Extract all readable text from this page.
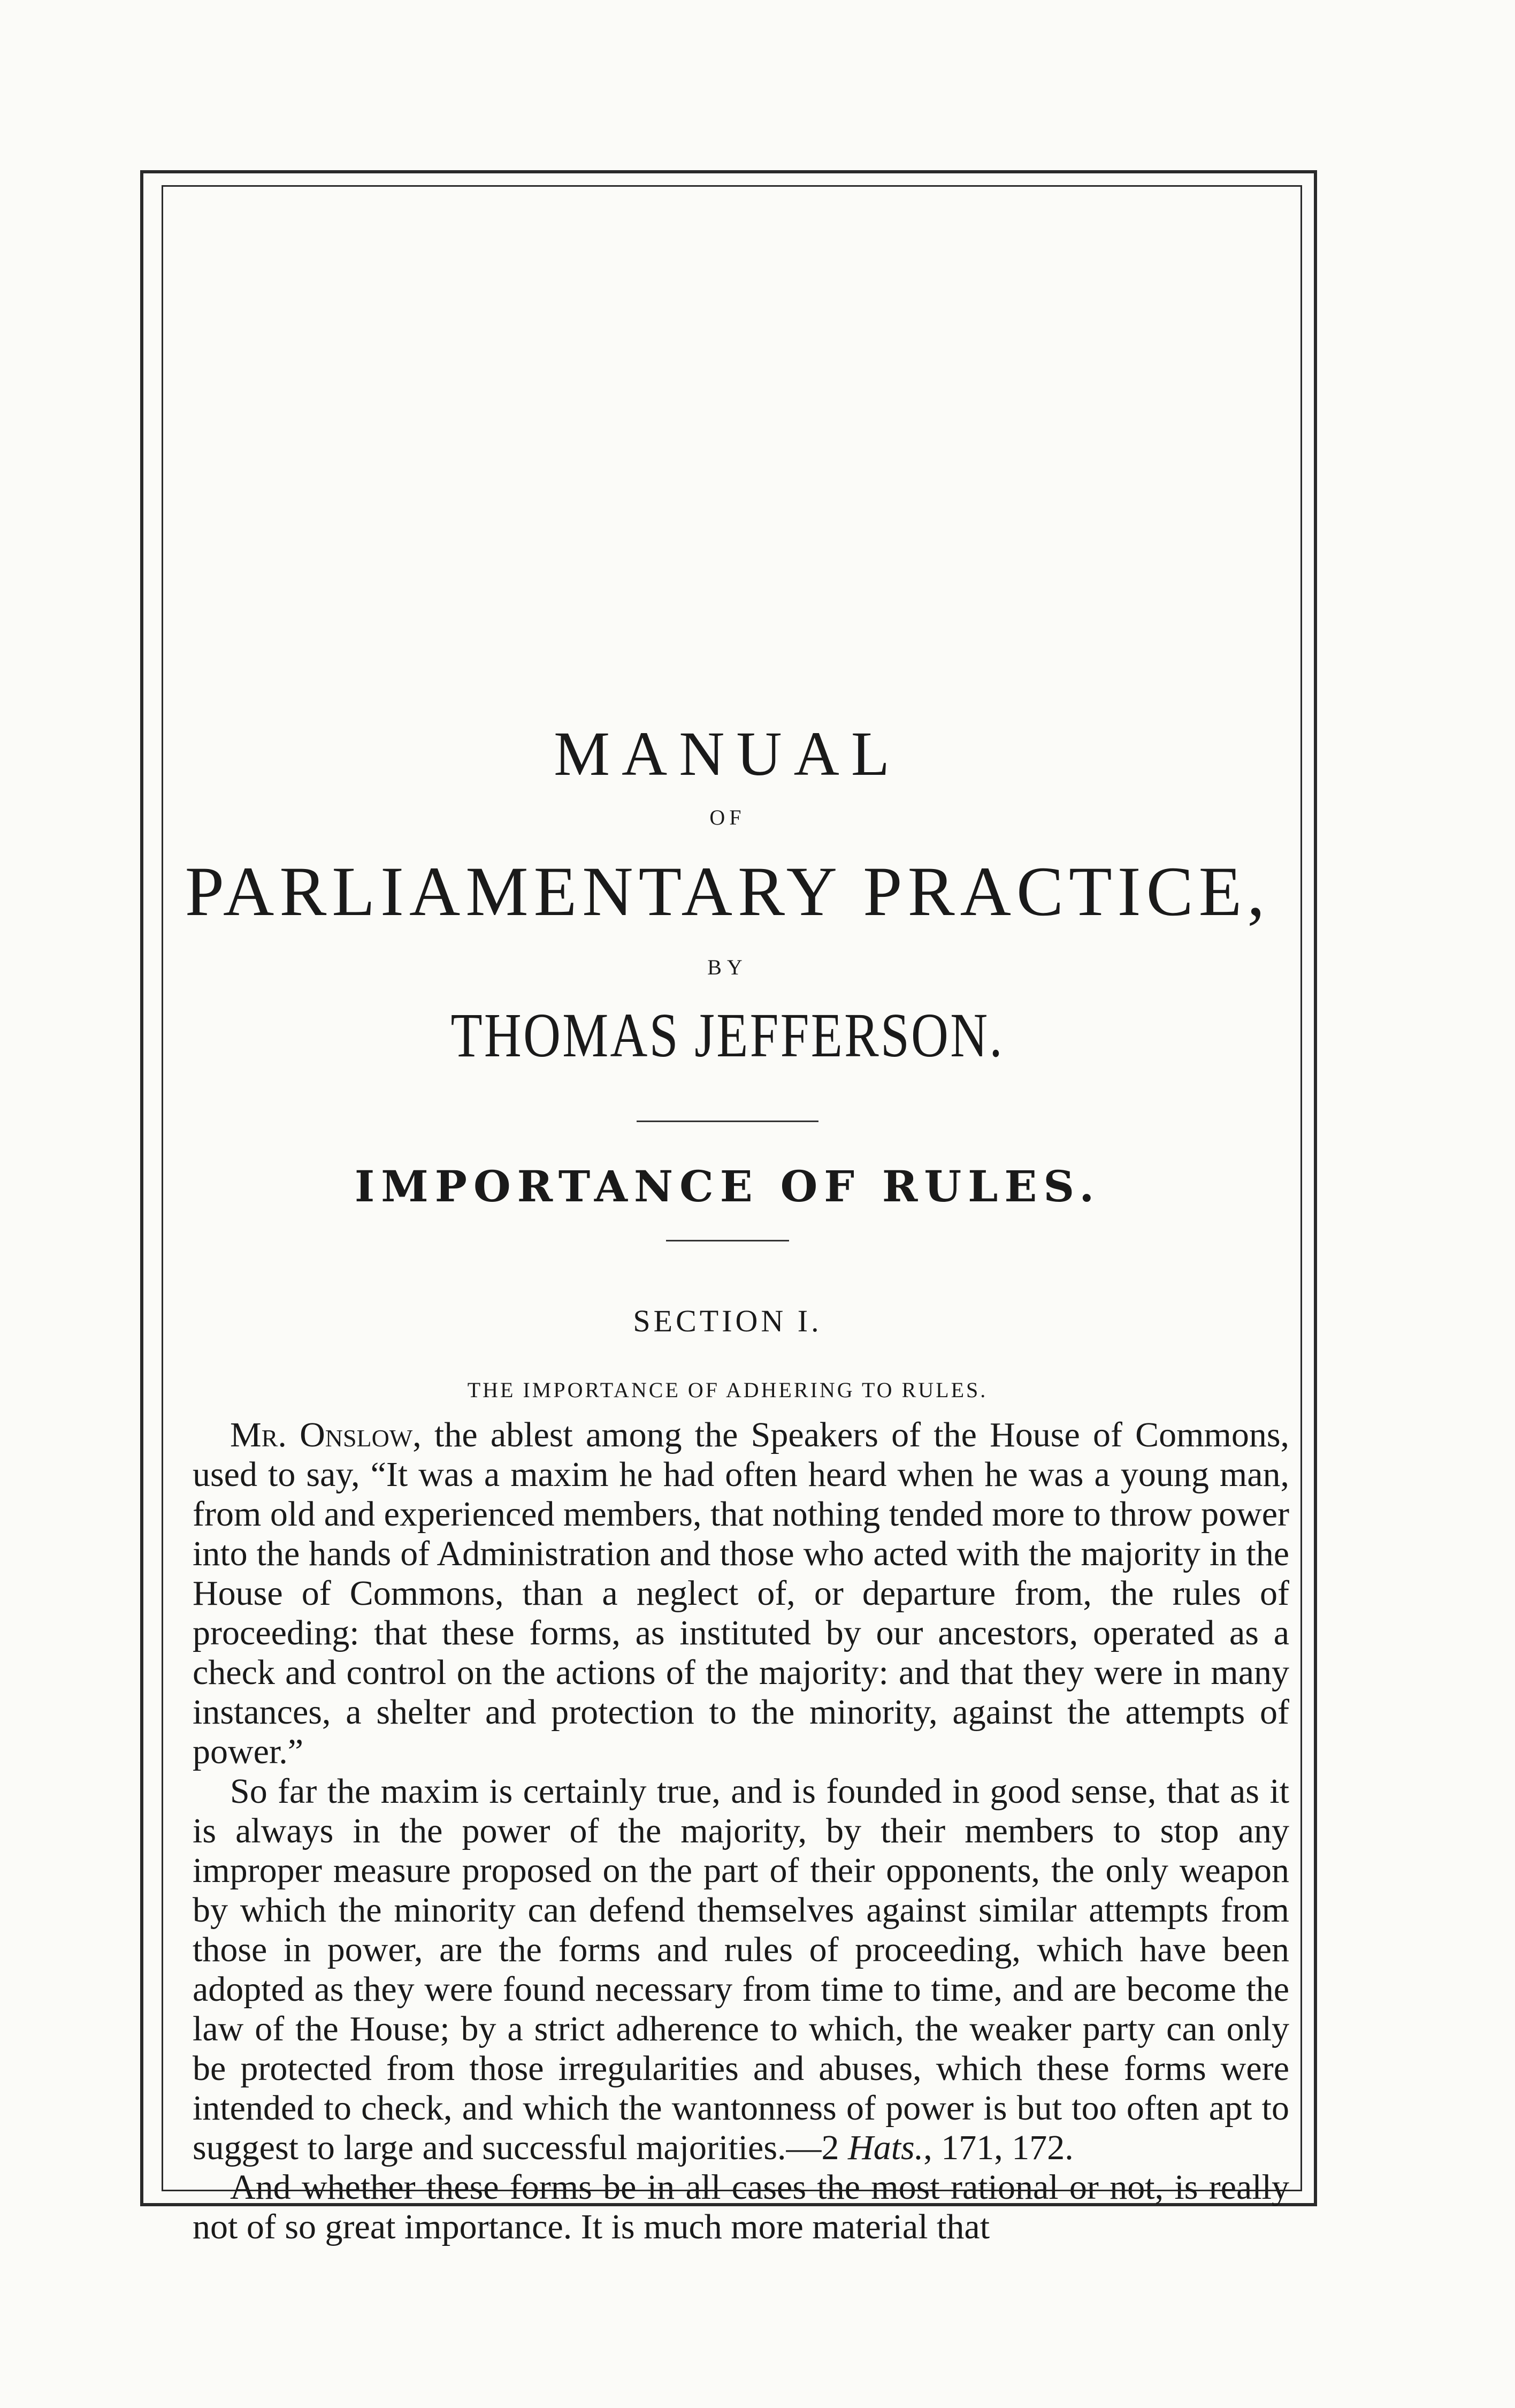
MANUAL
OF
PARLIAMENTARY PRACTICE,
BY
THOMAS JEFFERSON.
IMPORTANCE OF RULES.
SECTION I.
THE IMPORTANCE OF ADHERING TO RULES.

Mr. Onslow, the ablest among the Speakers of the House of Commons, used to say, “It was a maxim he had often heard when he was a young man, from old and experienced members, that nothing tended more to throw power into the hands of Administration and those who acted with the majority in the House of Commons, than a neglect of, or departure from, the rules of proceeding: that these forms, as instituted by our ancestors, operated as a check and control on the actions of the majority: and that they were in many instances, a shelter and protection to the minority, against the attempts of power.”

So far the maxim is certainly true, and is founded in good sense, that as it is always in the power of the majority, by their members to stop any improper measure proposed on the part of their opponents, the only weapon by which the minority can defend themselves against similar attempts from those in power, are the forms and rules of proceeding, which have been adopted as they were found necessary from time to time, and are become the law of the House; by a strict adherence to which, the weaker party can only be protected from those irregularities and abuses, which these forms were intended to check, and which the wantonness of power is but too often apt to suggest to large and successful majorities.—2 Hats., 171, 172.

And whether these forms be in all cases the most rational or not, is really not of so great importance. It is much more material that
